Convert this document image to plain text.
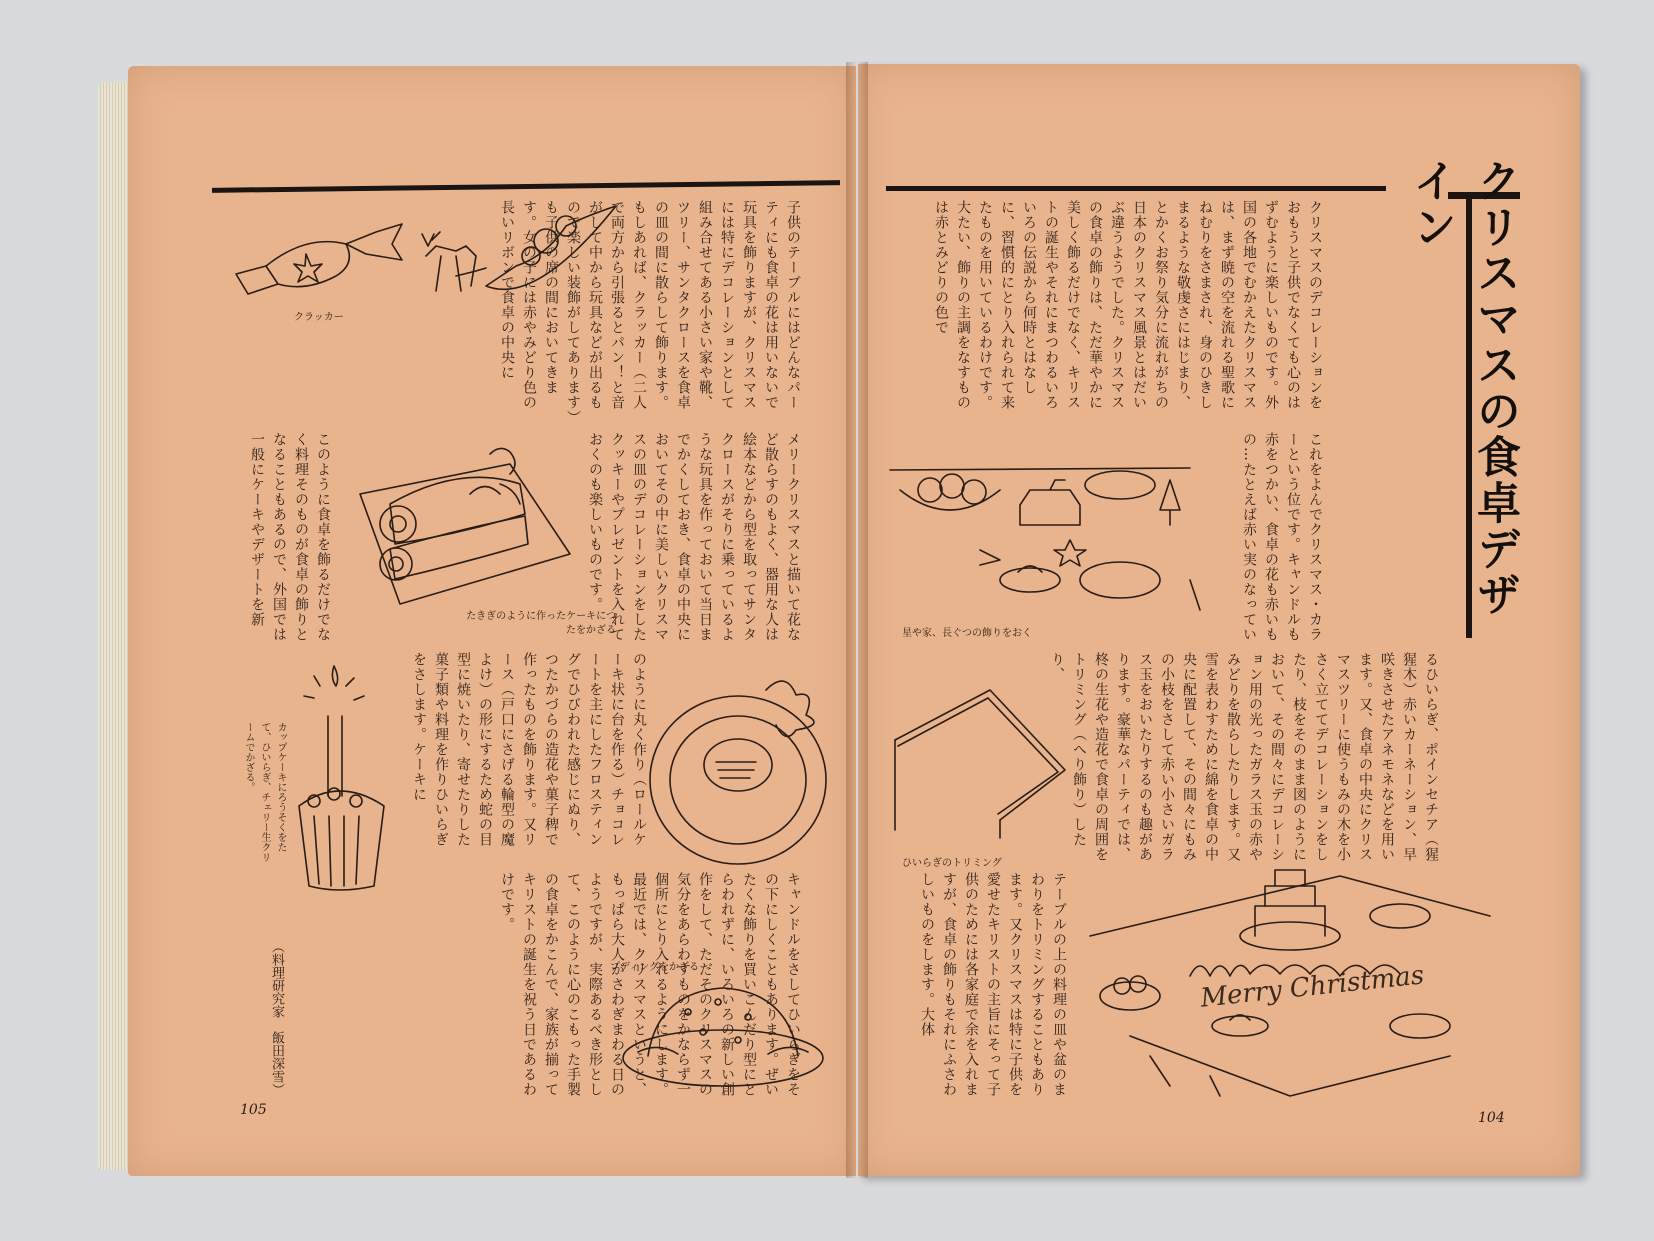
クリスマスの食卓デザイン
子供のテーブルにはどんなパーティにも食卓の花は用いないで玩具を飾りますが、クリスマスには特にデコレーションとして組み合せてある小さい家や靴、ツリー、サンタクロースを食卓の皿の間に散らして飾ります。もしあれば、クラッカー（二人で両方から引張るとパン！と音がして中から玩具などが出るもので楽しい装飾がしてあります）も子供の席の間においてきます。女の子には赤やみどり色の長いリボンで食卓の中央に
メリークリスマスと描いて花など散らすのもよく、器用な人は絵本などから型を取ってサンタクロースがそりに乗っているような玩具を作っておいて当日までかくしておき、食卓の中央においてその中に美しいクリスマスの皿のデコレーションをしたクッキーやプレゼントを入れておくのも楽しいものです。
このように食卓を飾るだけでなく料理そのものが食卓の飾りとなることもあるので、外国では一般にケーキやデザートを新
のように丸く作り（ロールケーキ状に台を作る）チョコレートを主にしたフロスティングでひびわれた感じにぬり、つたかづらの造花や菓子稗で作ったものを飾ります。又リース（戸口にさげる輪型の魔よけ）の形にするため蛇の目型に焼いたり、寄せたりした菓子類や料理を作りひいらぎをさします。ケーキに
キャンドルをさしてひいらぎをその下にしくこともあります。ぜいたくな飾りを買いこんだり型にとらわれずに、いろいろの新しい創作をして、ただそのクリスマスの気分をあらわすものをかならず一個所にとり入れるようにします。最近では、クリスマスというと、もっぱら大人がさわぎまわる日のようですが、実際あるべき形として、このように心のこもった手製の食卓をかこんで、家族が揃ってキリストの誕生を祝う日であるわけです。
クリスマスのデコレーションをおもうと子供でなくても心のはずむように楽しいものです。外国の各地でむかえたクリスマスは、まず暁の空を流れる聖歌にねむりをさまされ、身のひきしまるような敬虔さにはじまり、とかくお祭り気分に流れがちの日本のクリスマス風景とはだいぶ違うようでした。クリスマスの食卓の飾りは、ただ華やかに美しく飾るだけでなく、キリストの誕生やそれにまつわるいろいろの伝説から何時とはなしに、習慣的にとり入れられて来たものを用いているわけです。大たい、飾りの主調をなすものは赤とみどりの色で
これをよんでクリスマス・カラーという位です。キャンドルも赤をつかい、食卓の花も赤いもの…たとえば赤い実のなってい
るひいらぎ、ポインセチア（猩猩木）赤いカーネーション、早咲きさせたアネモネなどを用います。又、食卓の中央にクリスマスツリーに使うもみの木を小さく立ててデコレーションをしたり、枝をそのまま図のようにおいて、その間々にデコレーション用の光ったガラス玉の赤やみどりを散らしたりします。又雪を表わすために綿を食卓の中央に配置して、その間々にもみの小枝をさして赤い小さいガラス玉をおいたりするのも趣があります。豪華なパーティでは、柊の生花や造花で食卓の周囲をトリミング（へり飾り）したり、
テーブルの上の料理の皿や盆のまわりをトリミングすることもあります。又クリスマスは特に子供を愛せたキリストの主旨にそって子供のためには各家庭で余を入れますが、食卓の飾りもそれにふさわしいものをします。大体
クラッカー
たきぎのように作ったケーキにつたをかざる
カップケーキにろうそくをたて、ひいらぎ、チェリー生クリームでかざる。
プディングをかざる
（料理研究家　飯田深雪）
星や家、長ぐつの飾りをおく
ひいらぎのトリミング
105	104
Merry Christmas
